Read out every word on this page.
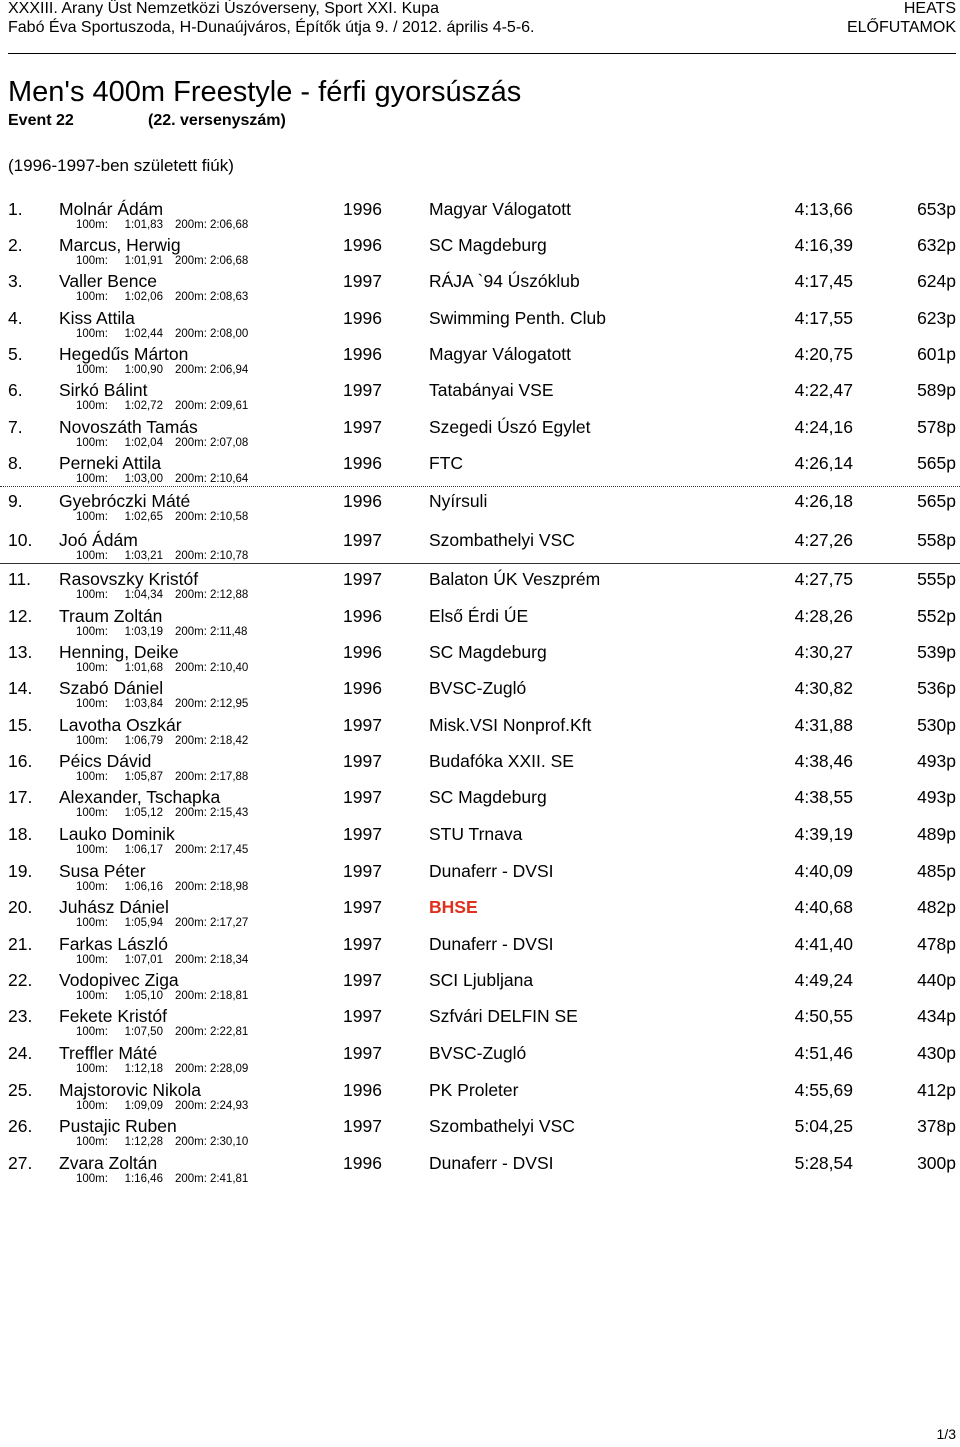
XXXIII. Arany Üst Nemzetközi Úszóverseny, Sport XXI. Kupa
Fabó Éva Sportuszoda, H-Dunaújváros, Építők útja 9. / 2012. április 4-5-6.
HEATS
ELŐFUTAMOK
Men's 400m Freestyle - férfi gyorsúszás
Event 22	(22. versenyszám)
(1996-1997-ben született fiúk)
1. Molnár Ádám	1996	Magyar Válogatott	4:13,66	653p
100m: 1:01,83 200m: 2:06,68
2. Marcus, Herwig	1996	SC Magdeburg	4:16,39	632p
100m: 1:01,91 200m: 2:06,68
3. Valler Bence	1997	RÁJA `94 Úszóklub	4:17,45	624p
100m: 1:02,06 200m: 2:08,63
4. Kiss Attila	1996	Swimming Penth. Club	4:17,55	623p
100m: 1:02,44 200m: 2:08,00
5. Hegedűs Márton	1996	Magyar Válogatott	4:20,75	601p
100m: 1:00,90 200m: 2:06,94
6. Sirkó Bálint	1997	Tatabányai VSE	4:22,47	589p
100m: 1:02,72 200m: 2:09,61
7. Novoszáth Tamás	1997	Szegedi Úszó Egylet	4:24,16	578p
100m: 1:02,04 200m: 2:07,08
8. Perneki Attila	1996	FTC	4:26,14	565p
100m: 1:03,00 200m: 2:10,64
9. Gyebróczki Máté	1996	Nyírsuli	4:26,18	565p
100m: 1:02,65 200m: 2:10,58
10. Joó Ádám	1997	Szombathelyi VSC	4:27,26	558p
100m: 1:03,21 200m: 2:10,78
11. Rasovszky Kristóf	1997	Balaton ÚK Veszprém	4:27,75	555p
100m: 1:04,34 200m: 2:12,88
12. Traum Zoltán	1996	Első Érdi ÚE	4:28,26	552p
100m: 1:03,19 200m: 2:11,48
13. Henning, Deike	1996	SC Magdeburg	4:30,27	539p
100m: 1:01,68 200m: 2:10,40
14. Szabó Dániel	1996	BVSC-Zugló	4:30,82	536p
100m: 1:03,84 200m: 2:12,95
15. Lavotha Oszkár	1997	Misk.VSI Nonprof.Kft	4:31,88	530p
100m: 1:06,79 200m: 2:18,42
16. Péics Dávid	1997	Budafóka XXII. SE	4:38,46	493p
100m: 1:05,87 200m: 2:17,88
17. Alexander, Tschapka	1997	SC Magdeburg	4:38,55	493p
100m: 1:05,12 200m: 2:15,43
18. Lauko Dominik	1997	STU Trnava	4:39,19	489p
100m: 1:06,17 200m: 2:17,45
19. Susa Péter	1997	Dunaferr - DVSI	4:40,09	485p
100m: 1:06,16 200m: 2:18,98
20. Juhász Dániel	1997	BHSE	4:40,68	482p
100m: 1:05,94 200m: 2:17,27
21. Farkas László	1997	Dunaferr - DVSI	4:41,40	478p
100m: 1:07,01 200m: 2:18,34
22. Vodopivec Ziga	1997	SCI Ljubljana	4:49,24	440p
100m: 1:05,10 200m: 2:18,81
23. Fekete Kristóf	1997	Szfvári DELFIN SE	4:50,55	434p
100m: 1:07,50 200m: 2:22,81
24. Treffler Máté	1997	BVSC-Zugló	4:51,46	430p
100m: 1:12,18 200m: 2:28,09
25. Majstorovic Nikola	1996	PK Proleter	4:55,69	412p
100m: 1:09,09 200m: 2:24,93
26. Pustajic Ruben	1997	Szombathelyi VSC	5:04,25	378p
100m: 1:12,28 200m: 2:30,10
27. Zvara Zoltán	1996	Dunaferr - DVSI	5:28,54	300p
100m: 1:16,46 200m: 2:41,81
1/3
